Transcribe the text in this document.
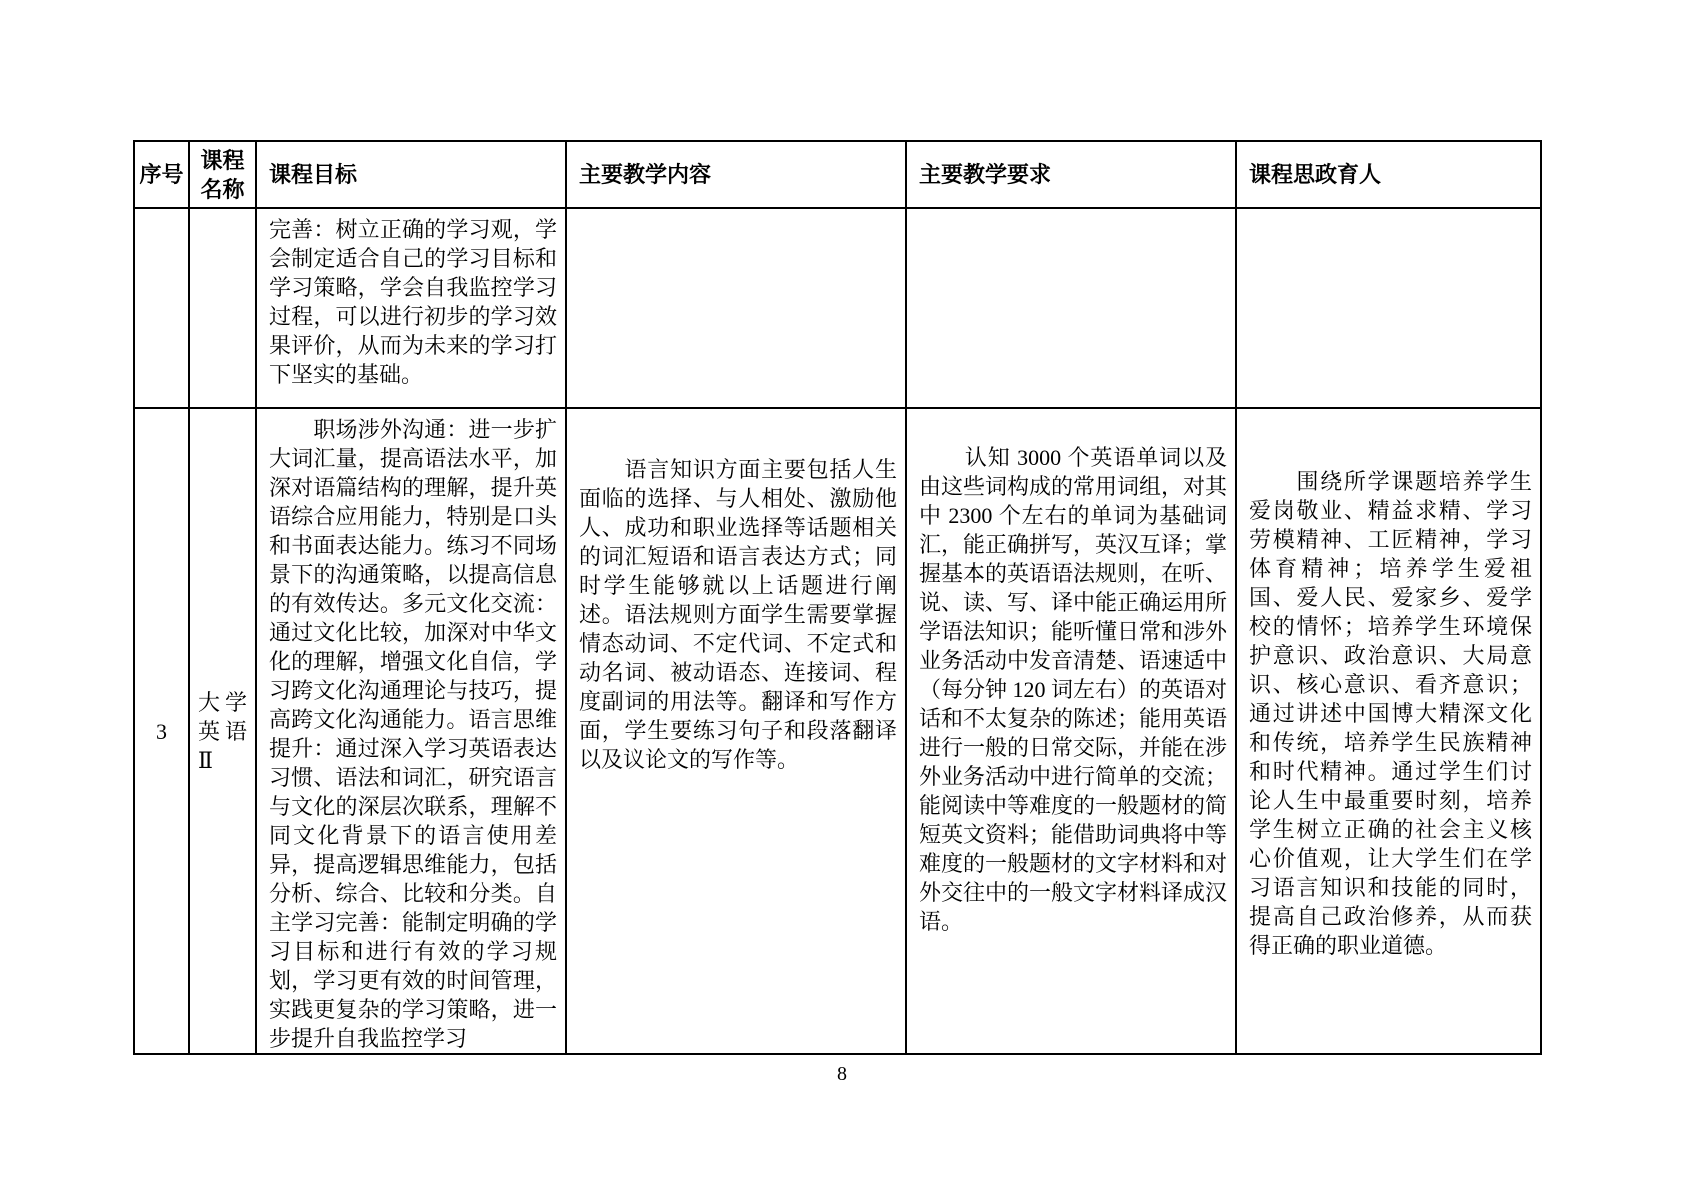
序号	课程名称	课程目标	主要教学内容	主要教学要求	课程思政育人
		完善：树立正确的学习观，学会制定适合自己的学习目标和学习策略，学会自我监控学习过程，可以进行初步的学习效果评价，从而为未来的学习打下坚实的基础。			
3	大学英语Ⅱ	　　职场涉外沟通：进一步扩大词汇量，提高语法水平，加深对语篇结构的理解，提升英语综合应用能力，特别是口头和书面表达能力。练习不同场景下的沟通策略，以提高信息的有效传达。多元文化交流：通过文化比较，加深对中华文化的理解，增强文化自信，学习跨文化沟通理论与技巧，提高跨文化沟通能力。语言思维提升：通过深入学习英语表达习惯、语法和词汇，研究语言与文化的深层次联系，理解不同文化背景下的语言使用差异，提高逻辑思维能力，包括分析、综合、比较和分类。自主学习完善：能制定明确的学习目标和进行有效的学习规划，学习更有效的时间管理，实践更复杂的学习策略，进一步提升自我监控学习	　　语言知识方面主要包括人生面临的选择、与人相处、激励他人、成功和职业选择等话题相关的词汇短语和语言表达方式；同时学生能够就以上话题进行阐述。语法规则方面学生需要掌握情态动词、不定代词、不定式和动名词、被动语态、连接词、程度副词的用法等。翻译和写作方面，学生要练习句子和段落翻译以及议论文的写作等。	　　认知 3000 个英语单词以及由这些词构成的常用词组，对其中 2300 个左右的单词为基础词汇，能正确拼写，英汉互译；掌握基本的英语语法规则，在听、说、读、写、译中能正确运用所学语法知识；能听懂日常和涉外业务活动中发音清楚、语速适中（每分钟 120 词左右）的英语对话和不太复杂的陈述；能用英语进行一般的日常交际，并能在涉外业务活动中进行简单的交流；能阅读中等难度的一般题材的简短英文资料；能借助词典将中等难度的一般题材的文字材料和对外交往中的一般文字材料译成汉语。	　　围绕所学课题培养学生爱岗敬业、精益求精、学习劳模精神、工匠精神，学习体育精神；培养学生爱祖国、爱人民、爱家乡、爱学校的情怀；培养学生环境保护意识、政治意识、大局意识、核心意识、看齐意识；通过讲述中国博大精深文化和传统，培养学生民族精神和时代精神。通过学生们讨论人生中最重要时刻，培养学生树立正确的社会主义核心价值观，让大学生们在学习语言知识和技能的同时，提高自己政治修养，从而获得正确的职业道德。
8
